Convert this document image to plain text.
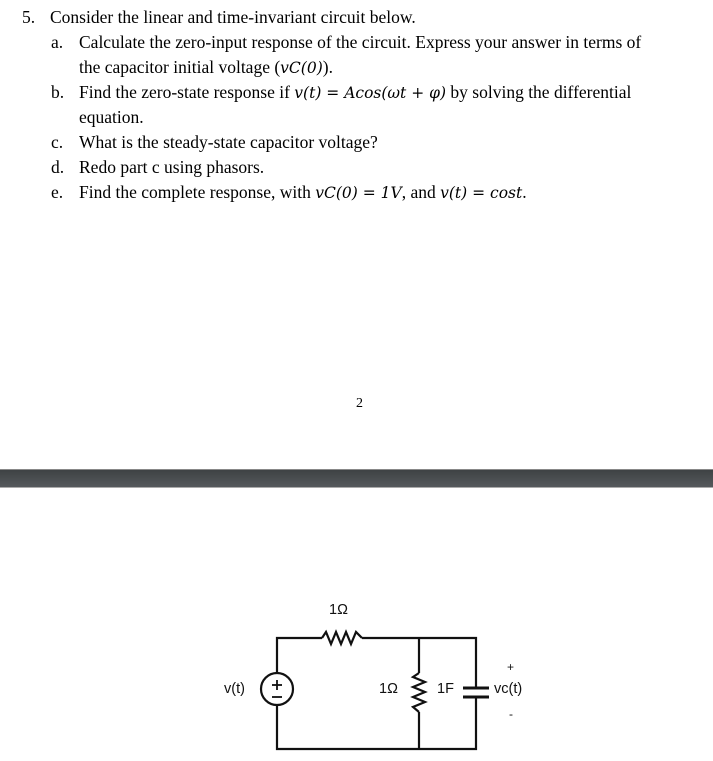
5. Consider the linear and time-invariant circuit below.
a. Calculate the zero-input response of the circuit. Express your answer in terms of
the capacitor initial voltage (vC(0)).
b. Find the zero-state response if v(t) = Acos(ωt + φ) by solving the differential
equation.
c. What is the steady-state capacitor voltage?
d. Redo part c using phasors.
e. Find the complete response, with vC(0) = 1V, and v(t) = cost.
2
1Ω
v(t)	1Ω	1F	vc(t)
+
-
